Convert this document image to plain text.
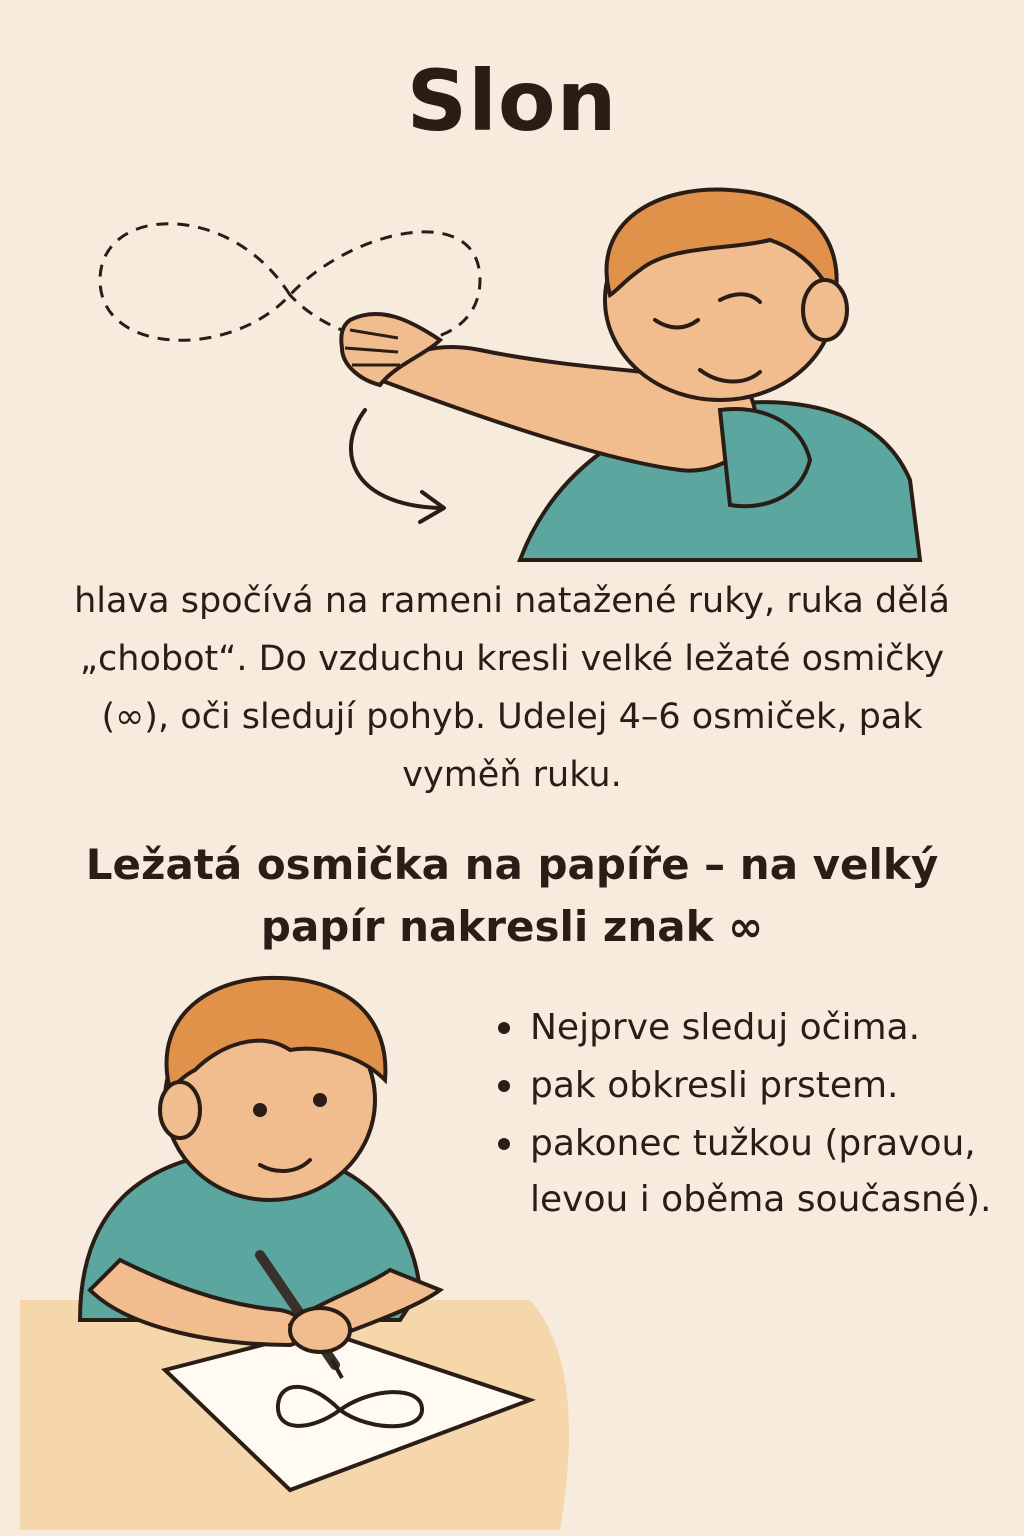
Slon

hlava spočívá na rameni natažené ruky, ruka dělá „chobot“. Do vzduchu kresli velké ležaté osmičky (∞), oči sledují pohyb. Udelej 4–6 osmiček, pak vyměň ruku.

Ležatá osmička na papíře – na velký papír nakresli znak ∞
Nejprve sleduj očima.
pak obkresli prstem.
pakonec tužkou (pravou, levou i oběma současné).
